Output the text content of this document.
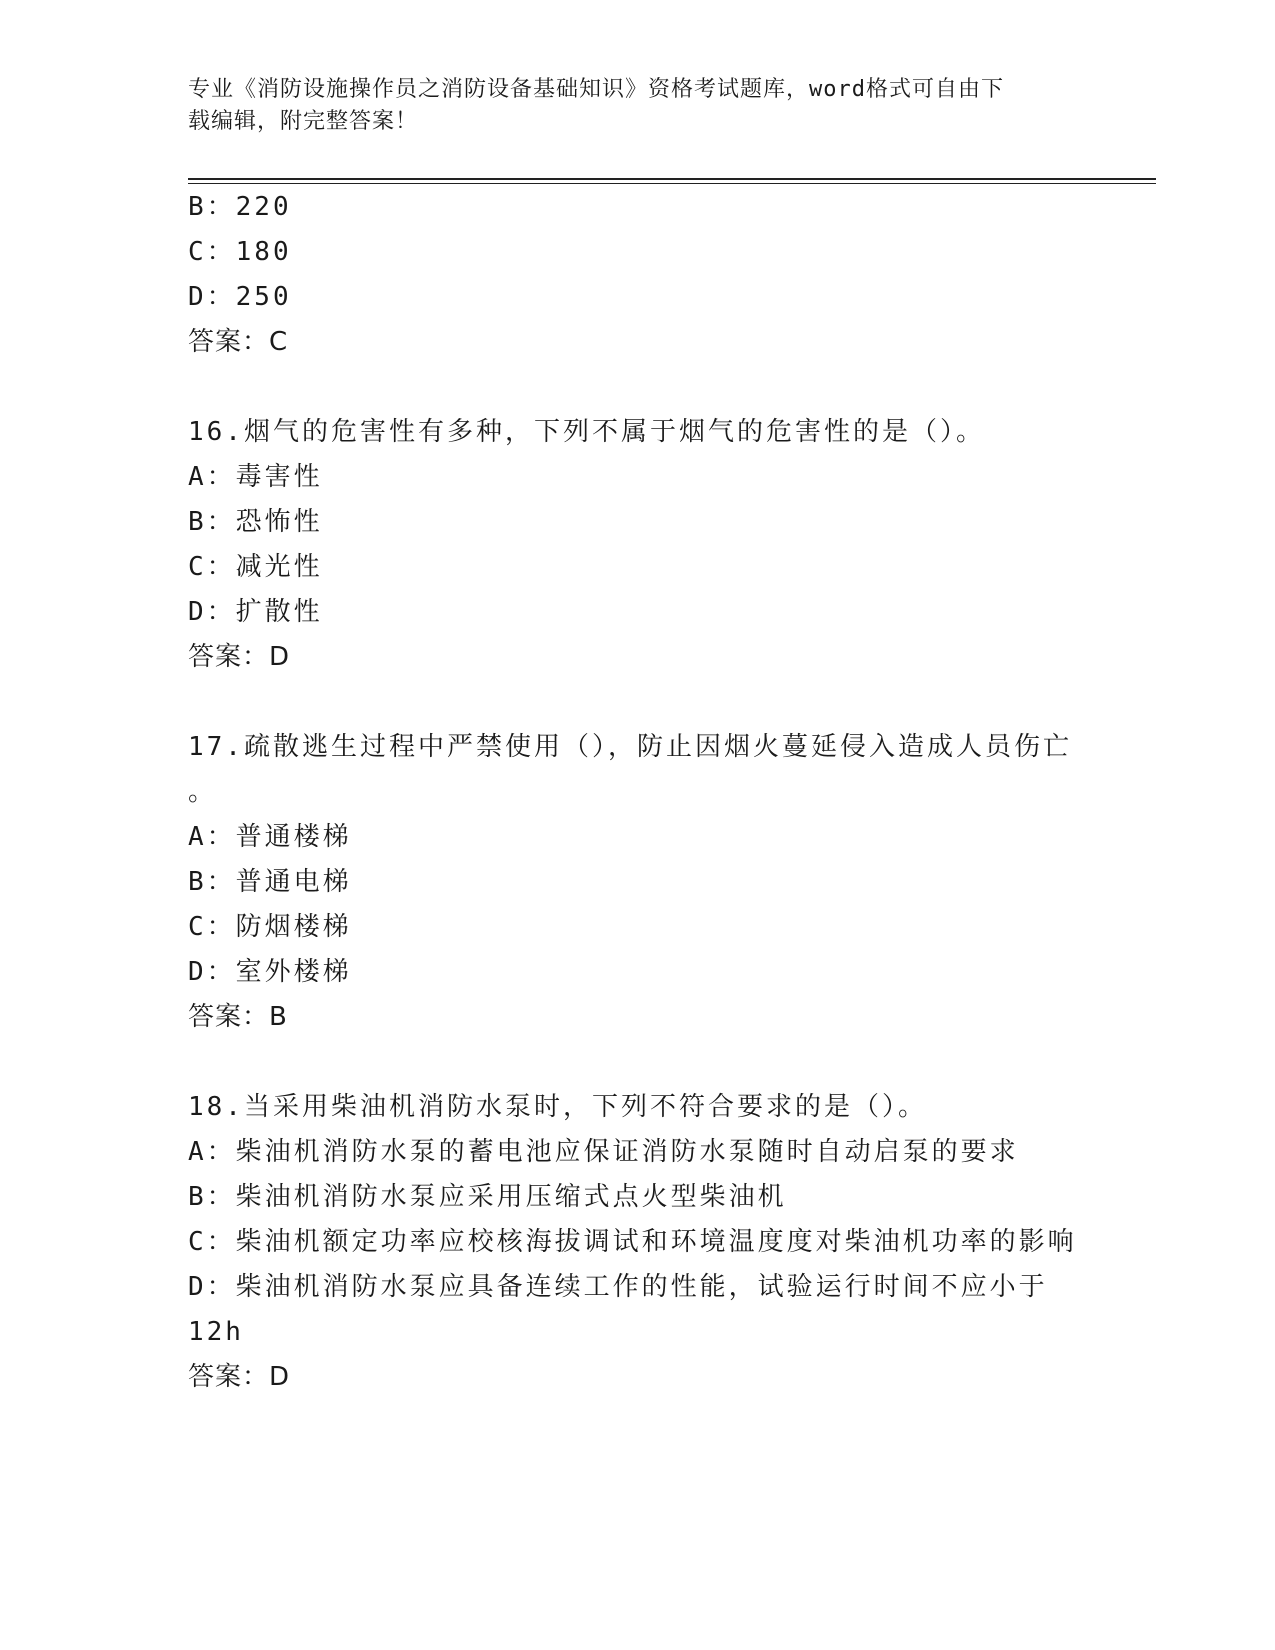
专业《消防设施操作员之消防设备基础知识》资格考试题库，word格式可自由下
载编辑，附完整答案！
B：220
C：180
D：250
答案：C
16.烟气的危害性有多种，下列不属于烟气的危害性的是（）。
A：毒害性
B：恐怖性
C：减光性
D：扩散性
答案：D
17.疏散逃生过程中严禁使用（），防止因烟火蔓延侵入造成人员伤亡
。
A：普通楼梯
B：普通电梯
C：防烟楼梯
D：室外楼梯
答案：B
18.当采用柴油机消防水泵时，下列不符合要求的是（）。
A：柴油机消防水泵的蓄电池应保证消防水泵随时自动启泵的要求
B：柴油机消防水泵应采用压缩式点火型柴油机
C：柴油机额定功率应校核海拔调试和环境温度度对柴油机功率的影响
D：柴油机消防水泵应具备连续工作的性能，试验运行时间不应小于
12h
答案：D
